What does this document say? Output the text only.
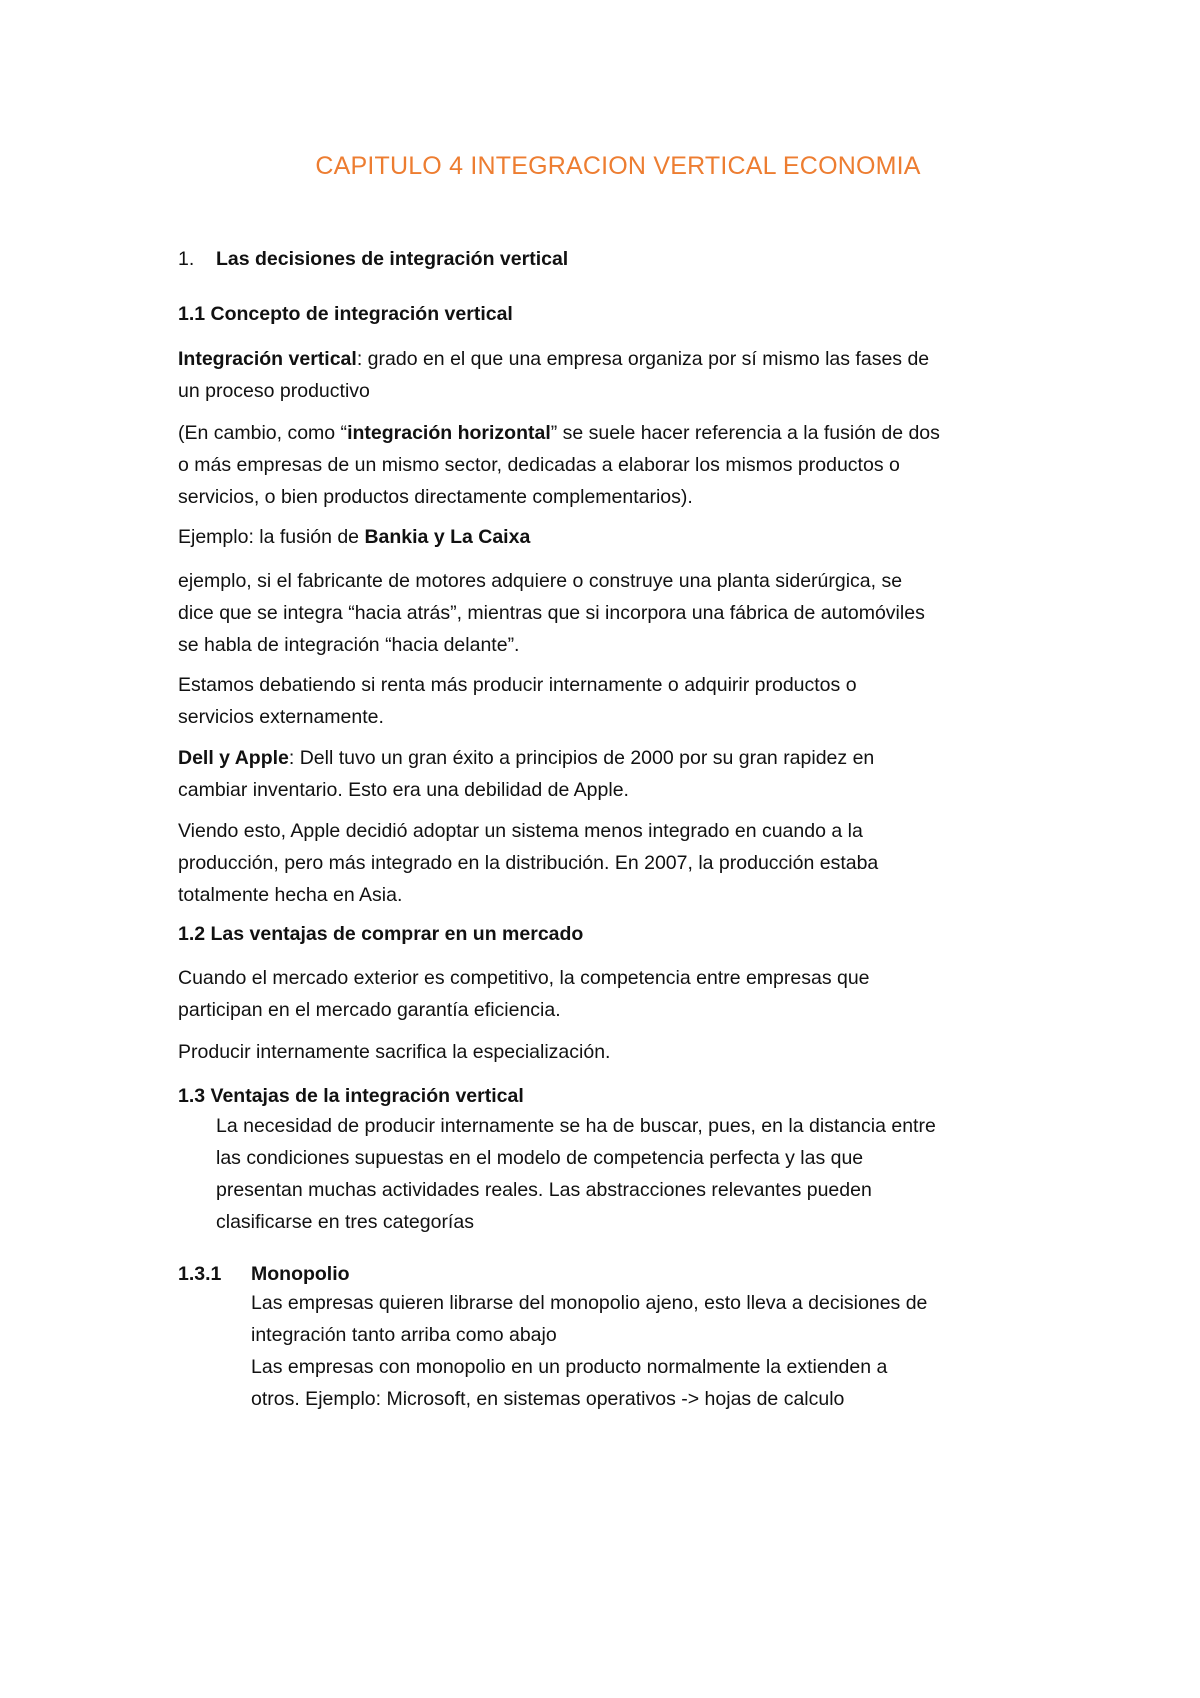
CAPITULO 4 INTEGRACION VERTICAL ECONOMIA
1. Las decisiones de integración vertical
1.1 Concepto de integración vertical
Integración vertical: grado en el que una empresa organiza por sí mismo las fases de
un proceso productivo
(En cambio, como “integración horizontal” se suele hacer referencia a la fusión de dos
o más empresas de un mismo sector, dedicadas a elaborar los mismos productos o
servicios, o bien productos directamente complementarios).
Ejemplo: la fusión de Bankia y La Caixa
ejemplo, si el fabricante de motores adquiere o construye una planta siderúrgica, se
dice que se integra “hacia atrás”, mientras que si incorpora una fábrica de automóviles
se habla de integración “hacia delante”.
Estamos debatiendo si renta más producir internamente o adquirir productos o
servicios externamente.
Dell y Apple: Dell tuvo un gran éxito a principios de 2000 por su gran rapidez en
cambiar inventario. Esto era una debilidad de Apple.
Viendo esto, Apple decidió adoptar un sistema menos integrado en cuando a la
producción, pero más integrado en la distribución. En 2007, la producción estaba
totalmente hecha en Asia.
1.2 Las ventajas de comprar en un mercado
Cuando el mercado exterior es competitivo, la competencia entre empresas que
participan en el mercado garantía eficiencia.
Producir internamente sacrifica la especialización.
1.3 Ventajas de la integración vertical
La necesidad de producir internamente se ha de buscar, pues, en la distancia entre
las condiciones supuestas en el modelo de competencia perfecta y las que
presentan muchas actividades reales. Las abstracciones relevantes pueden
clasificarse en tres categorías
1.3.1 Monopolio
Las empresas quieren librarse del monopolio ajeno, esto lleva a decisiones de
integración tanto arriba como abajo
Las empresas con monopolio en un producto normalmente la extienden a
otros. Ejemplo: Microsoft, en sistemas operativos -> hojas de calculo
